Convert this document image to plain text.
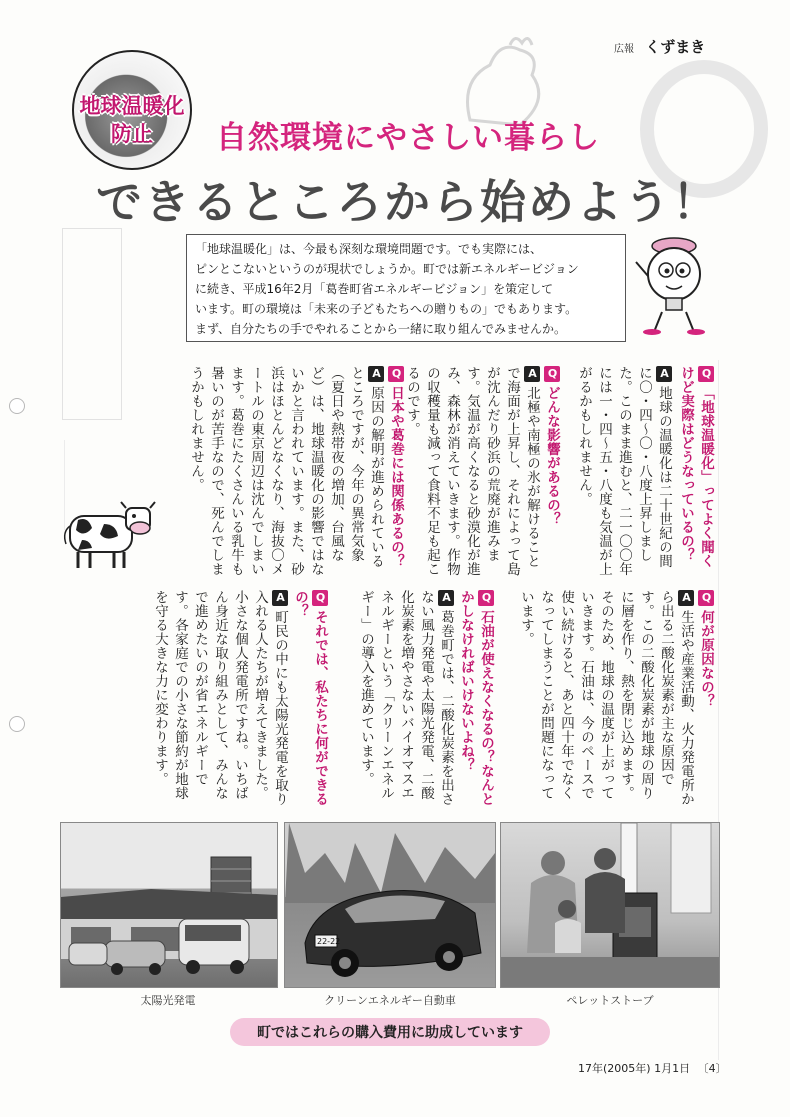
広報 くずまき
地球温暖化
防止	自然環境にやさしい暮らし
できるところから始めよう！
「地球温暖化」は、今最も深刻な環境問題です。でも実際には、
ピンとこないというのが現状でしょうか。町では新エネルギービジョン
に続き、平成16年2月「葛巻町省エネルギービジョン」を策定して
います。町の環境は「未来の子どもたちへの贈りもの」でもあります。
まず、自分たちの手でやれることから一緒に取り組んでみませんか。
Q「地球温暖化」ってよく聞くけど実際はどうなっているの？
A地球の温暖化は二十世紀の間に〇・四〜〇・八度上昇しました。このまま進むと、二一〇〇年には一・四〜五・八度も気温が上がるかもしれません。
Qどんな影響があるの？
A北極や南極の氷が解けることで海面が上昇し、それによって島が沈んだり砂浜の荒廃が進みます。気温が高くなると砂漠化が進み、森林が消えていきます。作物の収穫量も減って食料不足も起こるのです。
Q日本や葛巻には関係あるの？
A原因の解明が進められているところですが、今年の異常気象（夏日や熱帯夜の増加、台風など）は、地球温暖化の影響ではないかと言われています。また、砂浜はほとんどなくなり、海抜〇メートルの東京周辺は沈んでしまいます。葛巻にたくさんいる乳牛も暑いのが苦手なので、死んでしまうかもしれません。
Q何が原因なの？
A生活や産業活動、火力発電所から出る二酸化炭素が主な原因です。この二酸化炭素が地球の周りに層を作り、熱を閉じ込めます。そのため、地球の温度が上がっていきます。石油は、今のペースで使い続けると、あと四十年でなくなってしまうことが問題になっています。
Q石油が使えなくなるの？なんとかしなければいけないよね？
A葛巻町では、二酸化炭素を出さない風力発電や太陽光発電、二酸化炭素を増やさないバイオマスエネルギーという「クリーンエネルギー」の導入を進めています。
Qそれでは、私たちに何ができるの？
A町民の中にも太陽光発電を取り入れる人たちが増えてきました。小さな個人発電所ですね。いちばん身近な取り組みとして、みんなで進めたいのが省エネルギーです。各家庭での小さな節約が地球を守る大きな力に変わります。
太陽光発電
22-22
クリーンエネルギー自動車	ペレットストーブ
町ではこれらの購入費用に助成しています
17年(2005年) 1月1日 〔4〕
